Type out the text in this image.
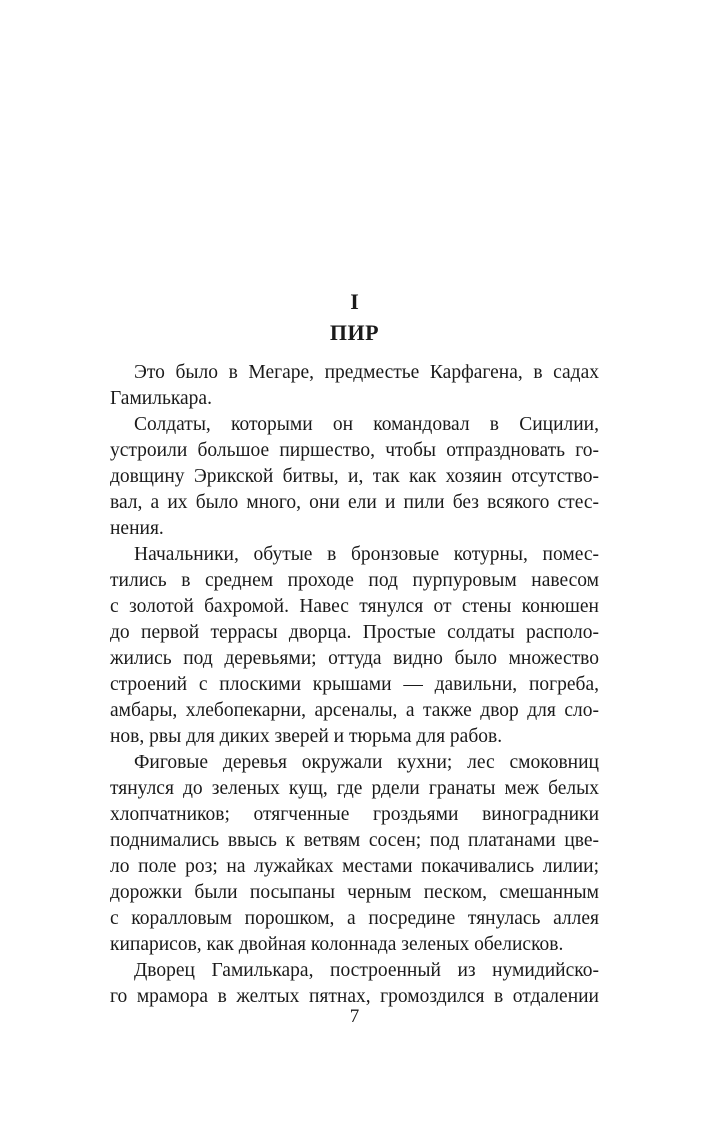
I
ПИР
Это было в Мегаре, предместье Карфагена, в садах
Гамилькара.
Солдаты, которыми он командовал в Сицилии,
устроили большое пиршество, чтобы отпраздновать го-
довщину Эрикской битвы, и, так как хозяин отсутство-
вал, а их было много, они ели и пили без всякого стес-
нения.
Начальники, обутые в бронзовые котурны, помес-
тились в среднем проходе под пурпуровым навесом
с золотой бахромой. Навес тянулся от стены конюшен
до первой террасы дворца. Простые солдаты располо-
жились под деревьями; оттуда видно было множество
строений с плоскими крышами — давильни, погреба,
амбары, хлебопекарни, арсеналы, а также двор для сло-
нов, рвы для диких зверей и тюрьма для рабов.
Фиговые деревья окружали кухни; лес смоковниц
тянулся до зеленых кущ, где рдели гранаты меж белых
хлопчатников; отягченные гроздьями виноградники
поднимались ввысь к ветвям сосен; под платанами цве-
ло поле роз; на лужайках местами покачивались лилии;
дорожки были посыпаны черным песком, смешанным
с коралловым порошком, а посредине тянулась аллея
кипарисов, как двойная колоннада зеленых обелисков.
Дворец Гамилькара, построенный из нумидийско-
го мрамора в желтых пятнах, громоздился в отдалении
7
